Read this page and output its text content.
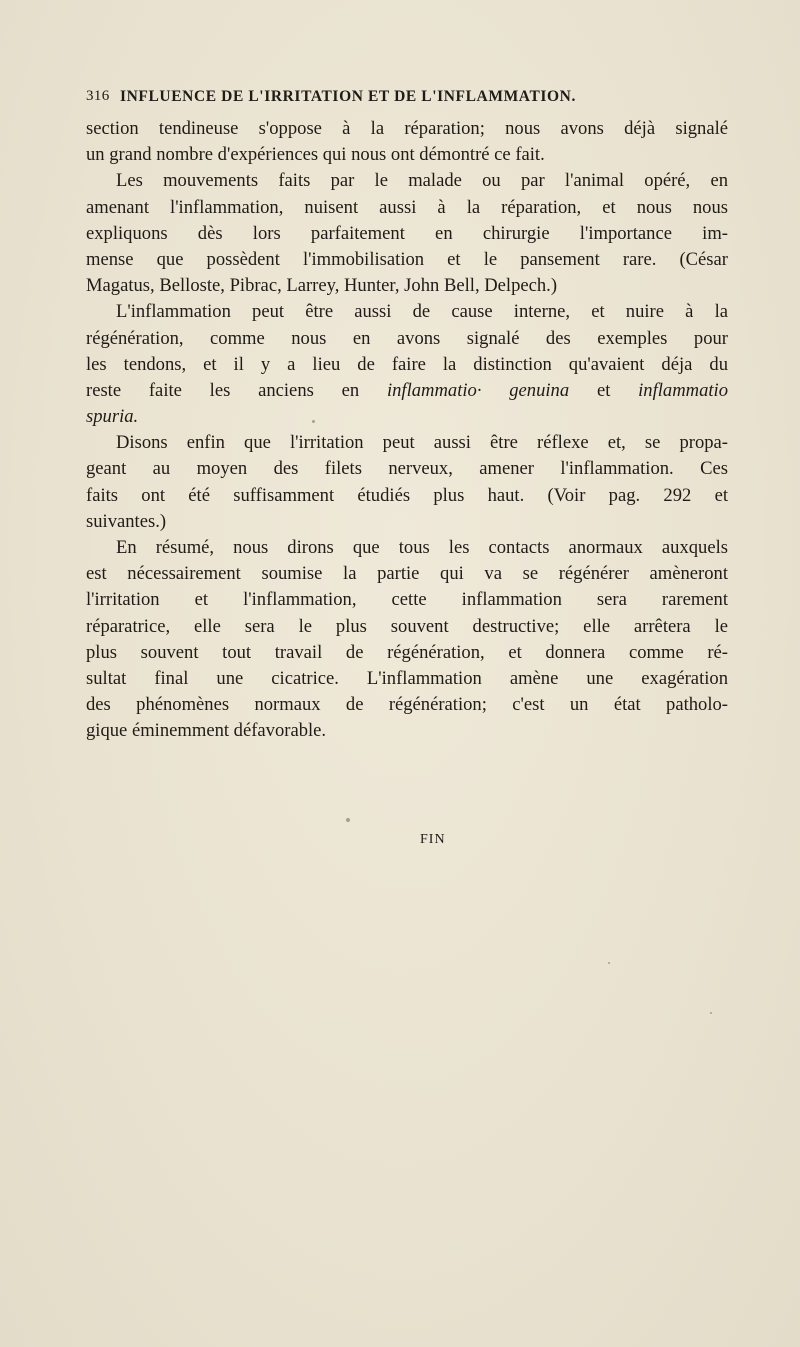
316 INFLUENCE DE L'IRRITATION ET DE L'INFLAMMATION.
section tendineuse s'oppose à la réparation; nous avons déjà signalé
un grand nombre d'expériences qui nous ont démontré ce fait.
Les mouvements faits par le malade ou par l'animal opéré, en
amenant l'inflammation, nuisent aussi à la réparation, et nous nous
expliquons dès lors parfaitement en chirurgie l'importance im-
mense que possèdent l'immobilisation et le pansement rare. (César
Magatus, Belloste, Pibrac, Larrey, Hunter, John Bell, Delpech.)
L'inflammation peut être aussi de cause interne, et nuire à la
régénération, comme nous en avons signalé des exemples pour
les tendons, et il y a lieu de faire la distinction qu'avaient déja du
reste faite les anciens en inflammatio· genuina et inflammatio
spuria.
Disons enfin que l'irritation peut aussi être réflexe et, se propa-
geant au moyen des filets nerveux, amener l'inflammation. Ces
faits ont été suffisamment étudiés plus haut. (Voir pag. 292 et
suivantes.)
En résumé, nous dirons que tous les contacts anormaux auxquels
est nécessairement soumise la partie qui va se régénérer amèneront
l'irritation et l'inflammation, cette inflammation sera rarement
réparatrice, elle sera le plus souvent destructive; elle arrêtera le
plus souvent tout travail de régénération, et donnera comme ré-
sultat final une cicatrice. L'inflammation amène une exagération
des phénomènes normaux de régénération; c'est un état patholo-
gique éminemment défavorable.
FIN
